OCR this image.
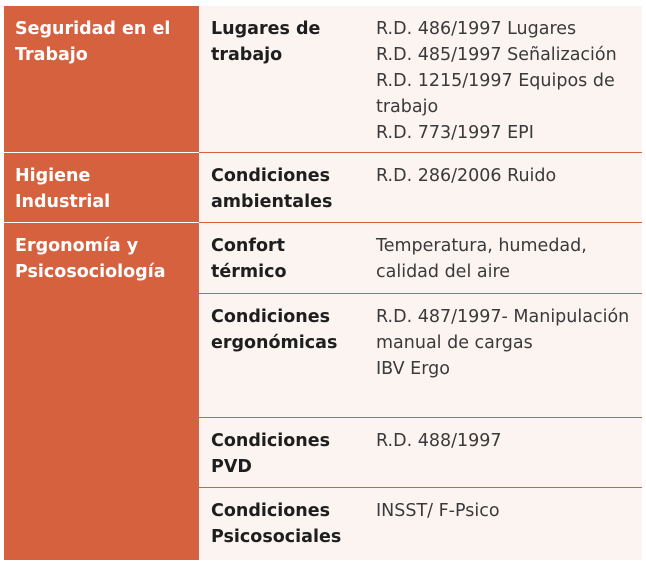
Seguridad en el Trabajo	Lugares de trabajo	R.D. 486/1997 Lugares
R.D. 485/1997 Señalización
R.D. 1215/1997 Equipos de trabajo
R.D. 773/1997 EPI

Higiene Industrial	Condiciones ambientales	R.D. 286/2006 Ruido

Ergonomía y Psicosociología	Confort térmico	Temperatura, humedad, calidad del aire

	Condiciones ergonómicas	R.D. 487/1997- Manipulación manual de cargas
IBV Ergo

	Condiciones PVD	R.D. 488/1997

	Condiciones Psicosociales	INSST/ F-Psico
